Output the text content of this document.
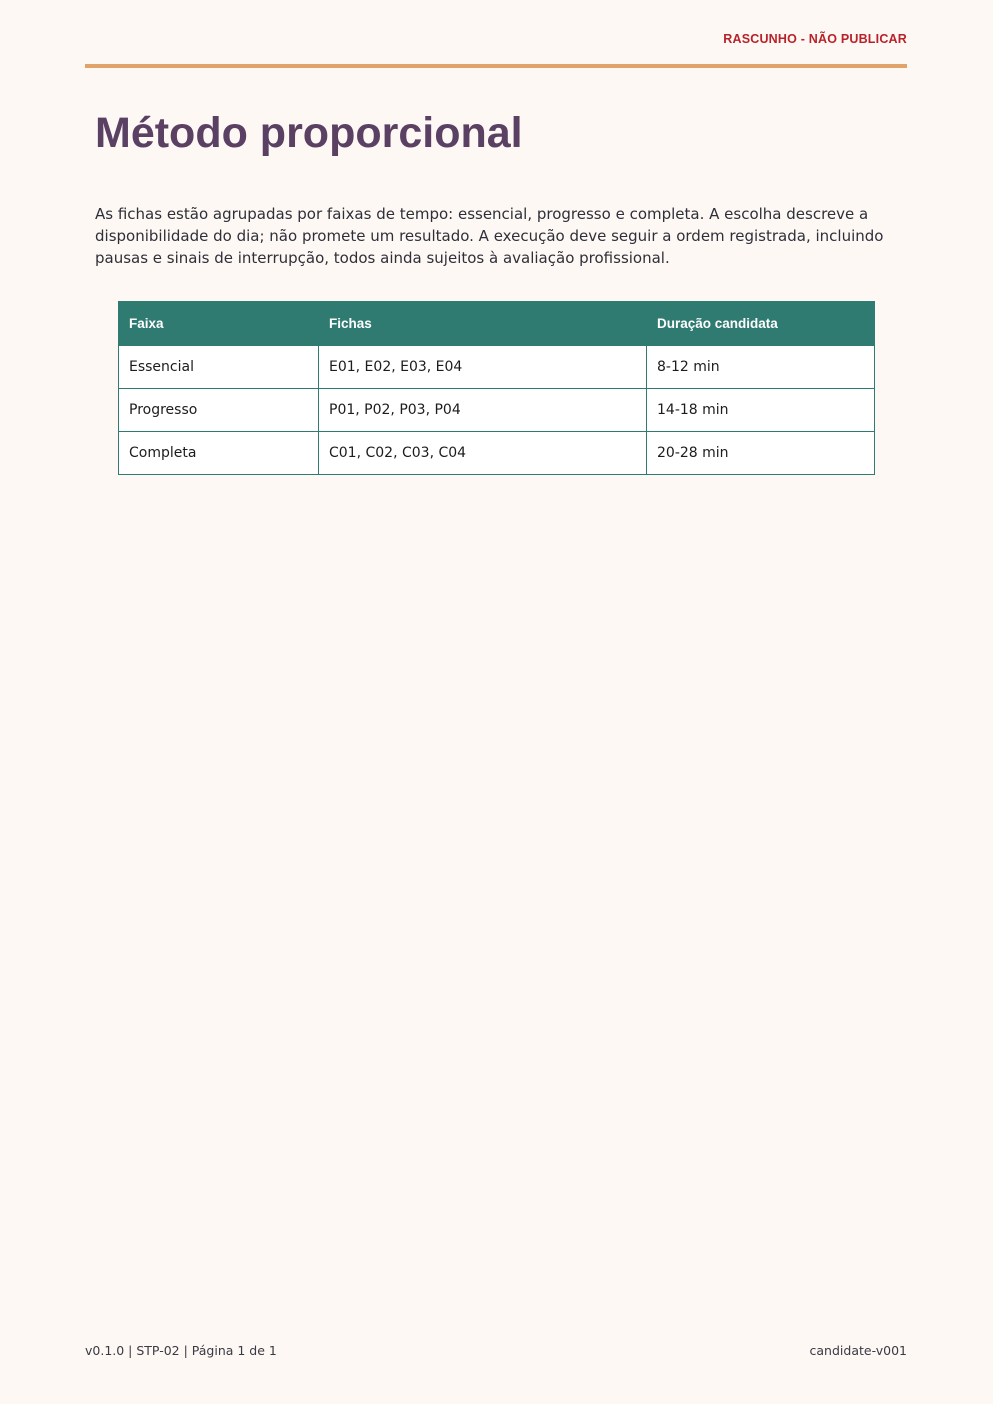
RASCUNHO - NÃO PUBLICAR
Método proporcional

As fichas estão agrupadas por faixas de tempo: essencial, progresso e completa. A escolha descreve a disponibilidade do dia; não promete um resultado. A execução deve seguir a ordem registrada, incluindo pausas e sinais de interrupção, todos ainda sujeitos à avaliação profissional.

Faixa	Fichas	Duração candidata
Essencial	E01, E02, E03, E04	8-12 min
Progresso	P01, P02, P03, P04	14-18 min
Completa	C01, C02, C03, C04	20-28 min
v0.1.0 | STP-02 | Página 1 de 1	candidate-v001
